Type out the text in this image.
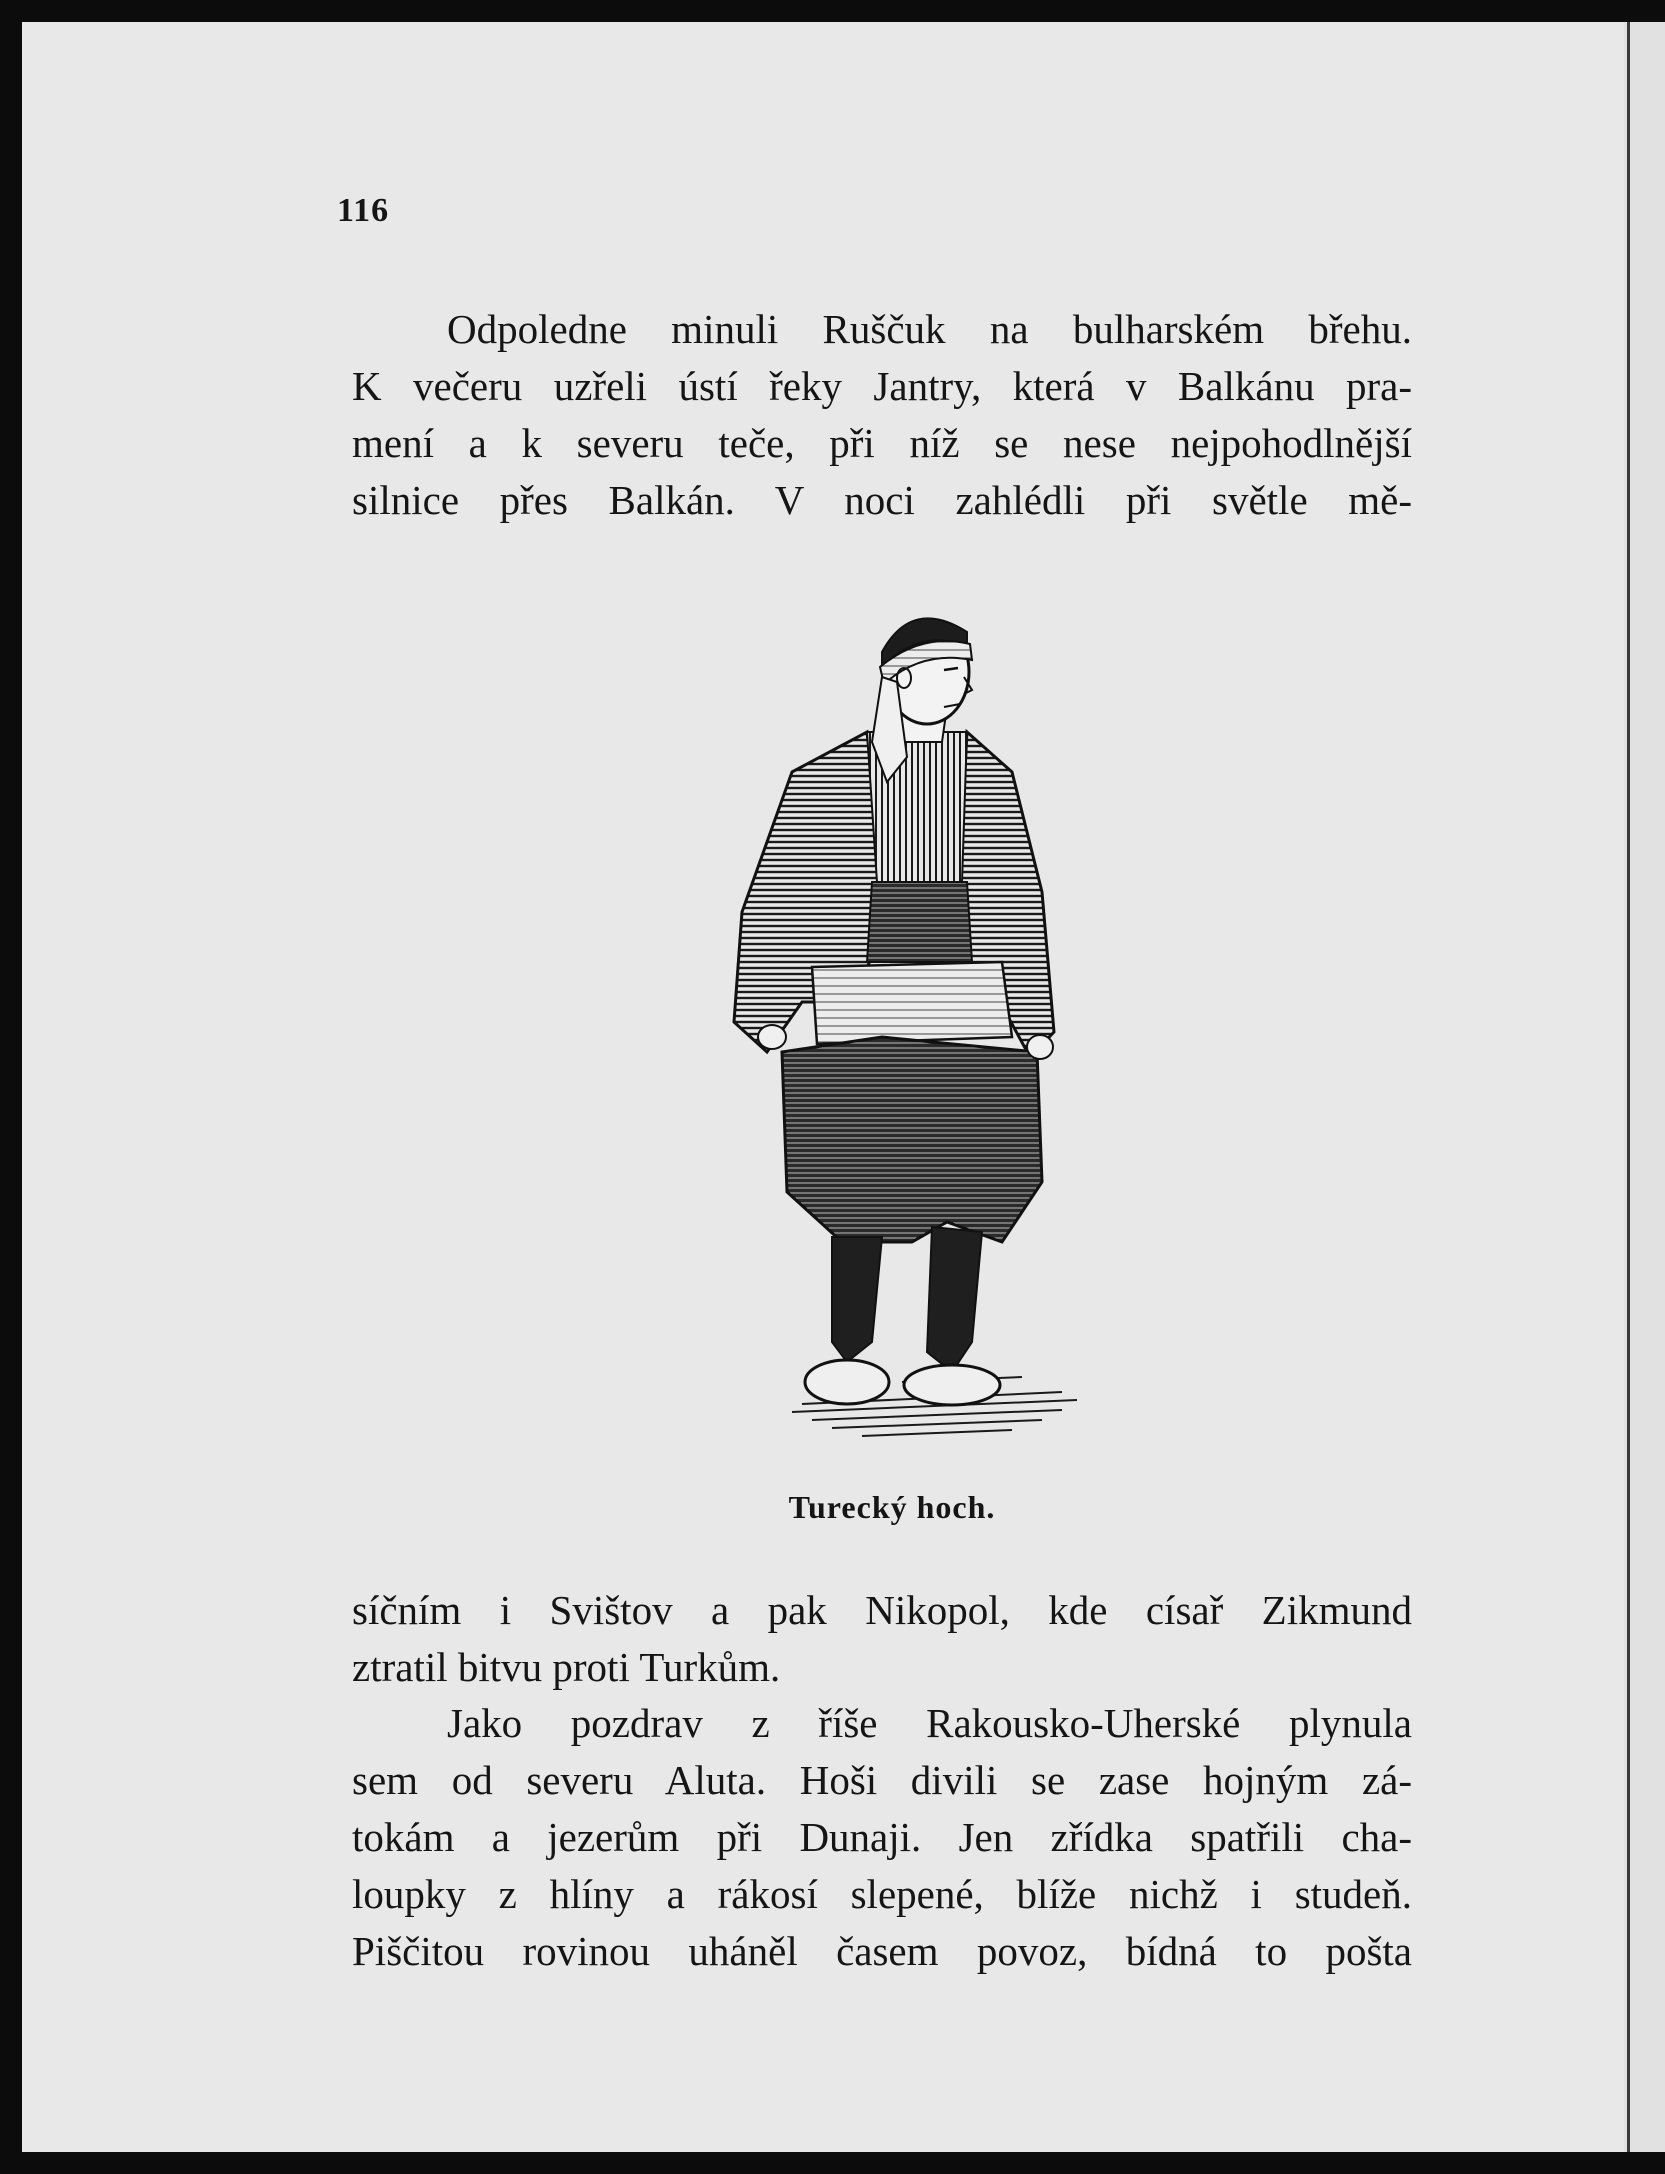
116
Odpoledne minuli Ruščuk na bulharském břehu.
K večeru uzřeli ústí řeky Jantry, která v Balkánu pra-
mení a k severu teče, při níž se nese nejpohodlnější
silnice přes Balkán. V noci zahlédli při světle mě-
Turecký hoch.
síčním i Svištov a pak Nikopol, kde císař Zikmund
ztratil bitvu proti Turkům.
Jako pozdrav z říše Rakousko-Uherské plynula
sem od severu Aluta. Hoši divili se zase hojným zá-
tokám a jezerům při Dunaji. Jen zřídka spatřili cha-
loupky z hlíny a rákosí slepené, blíže nichž i studeň.
Piščitou rovinou uháněl časem povoz, bídná to pošta
